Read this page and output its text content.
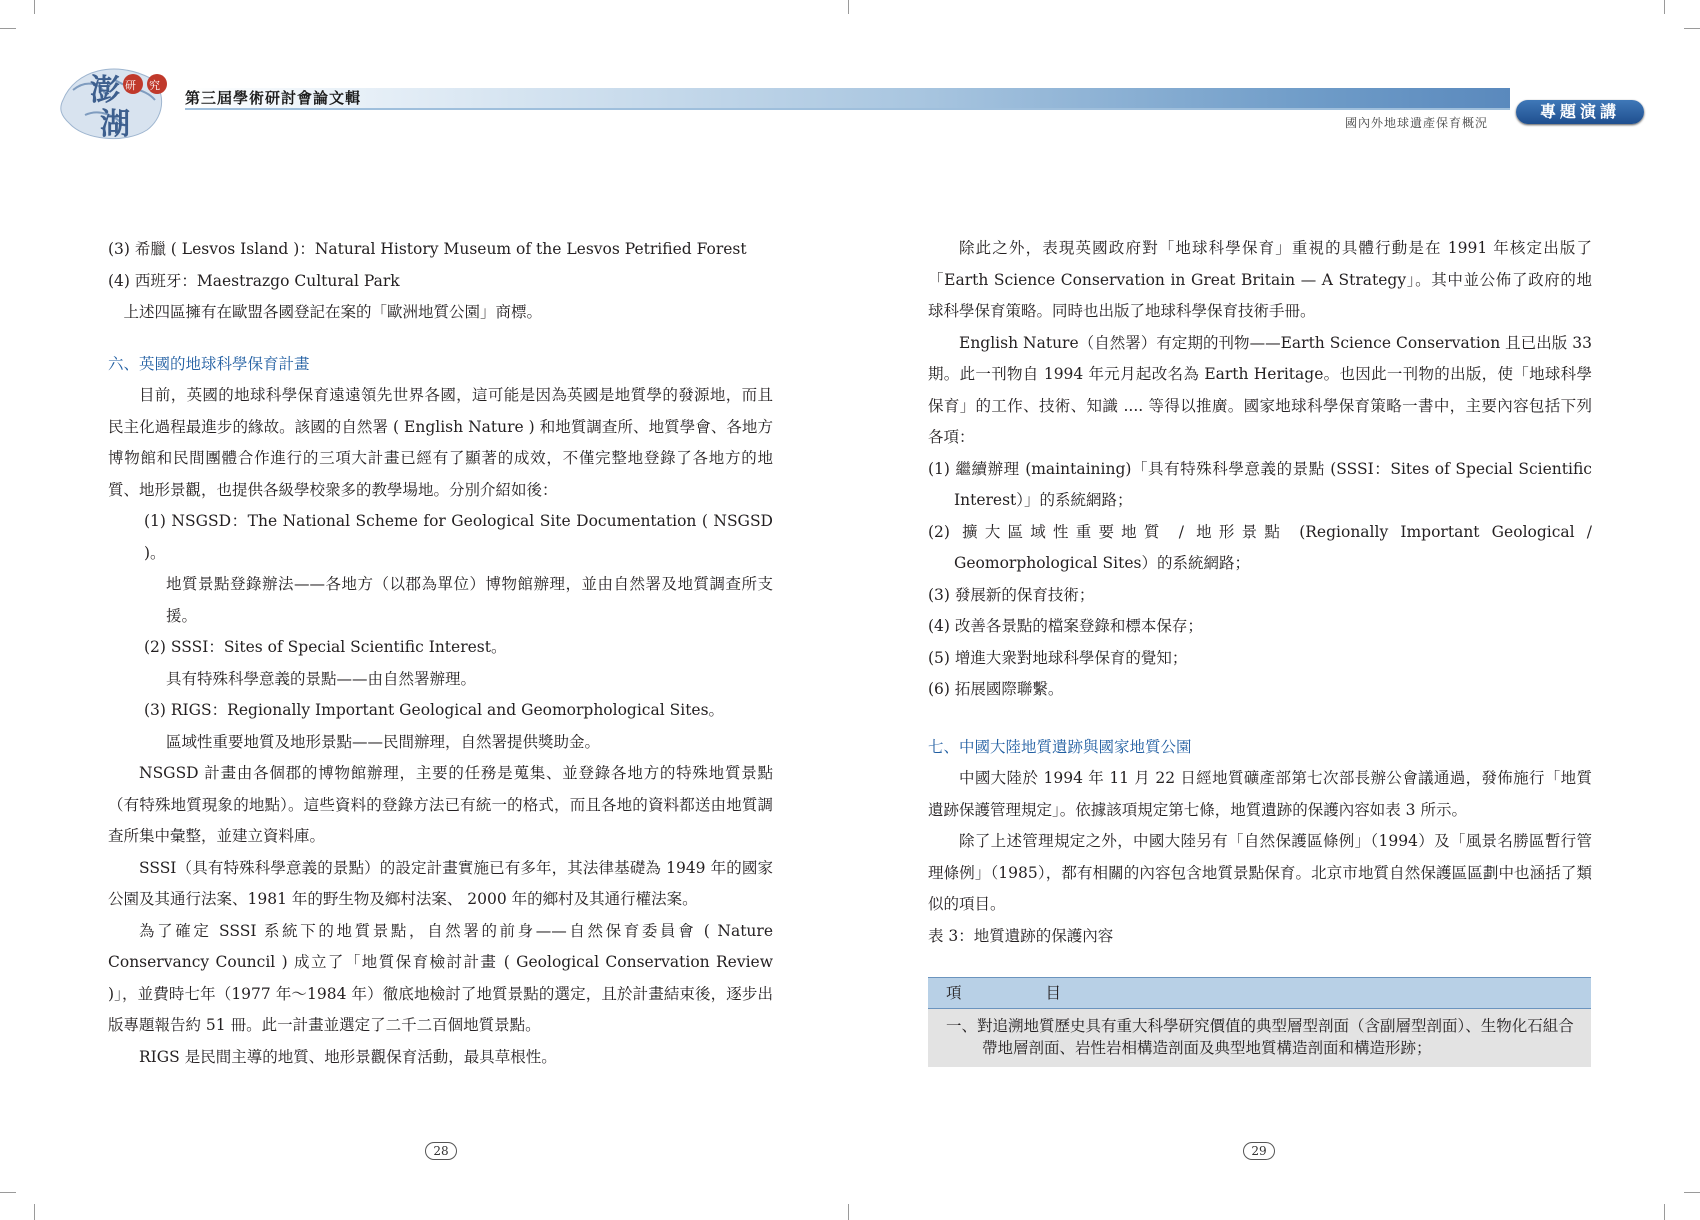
澎
湖
研 究
第三屆學術研討會論文輯
專題演講
國內外地球遺產保育概況

(3) 希臘 ( Lesvos Island )：Natural History Museum of the Lesvos Petrified Forest

(4) 西班牙：Maestrazgo Cultural Park

上述四區擁有在歐盟各國登記在案的「歐洲地質公園」商標。

六、英國的地球科學保育計畫

目前，英國的地球科學保育遠遠領先世界各國，這可能是因為英國是地質學的發源地，而且民主化過程最進步的緣故。該國的自然署 ( English Nature ) 和地質調查所、地質學會、各地方博物館和民間團體合作進行的三項大計畫已經有了顯著的成效，不僅完整地登錄了各地方的地質、地形景觀，也提供各級學校衆多的教學場地。分別介紹如後：

(1) NSGSD：The National Scheme for Geological Site Documentation ( NSGSD )。

地質景點登錄辦法——各地方（以郡為單位）博物館辦理，並由自然署及地質調查所支援。

(2) SSSI：Sites of Special Scientific Interest。

具有特殊科學意義的景點——由自然署辦理。

(3) RIGS：Regionally Important Geological and Geomorphological Sites。

區域性重要地質及地形景點——民間辦理，自然署提供獎助金。

NSGSD 計畫由各個郡的博物館辦理，主要的任務是蒐集、並登錄各地方的特殊地質景點（有特殊地質現象的地點）。這些資料的登錄方法已有統一的格式，而且各地的資料都送由地質調查所集中彙整，並建立資料庫。

SSSI（具有特殊科學意義的景點）的設定計畫實施已有多年，其法律基礎為 1949 年的國家公園及其通行法案、1981 年的野生物及鄉村法案、 2000 年的鄉村及其通行權法案。

為了確定 SSSI 系統下的地質景點，自然署的前身——自然保育委員會 ( Nature Conservancy Council ) 成立了「地質保育檢討計畫 ( Geological Conservation Review )」，並費時七年（1977 年～1984 年）徹底地檢討了地質景點的選定，且於計畫結束後，逐步出版專題報告約 51 冊。此一計畫並選定了二千二百個地質景點。

RIGS 是民間主導的地質、地形景觀保育活動，最具草根性。

除此之外，表現英國政府對「地球科學保育」重視的具體行動是在 1991 年核定出版了「Earth Science Conservation in Great Britain — A Strategy」。其中並公佈了政府的地球科學保育策略。同時也出版了地球科學保育技術手冊。

English Nature（自然署）有定期的刊物——Earth Science Conservation 且已出版 33期。此一刊物自 1994 年元月起改名為 Earth Heritage。也因此一刊物的出版，使「地球科學保育」的工作、技術、知識 .... 等得以推廣。國家地球科學保育策略一書中，主要內容包括下列各項：

(1) 繼續辦理 (maintaining)「具有特殊科學意義的景點 (SSSI：Sites of Special Scientific Interest）」的系統網路；

(2) 擴大區域性重要地質 / 地形景點 (Regionally Important Geological / Geomorphological Sites）的系統網路；

(3) 發展新的保育技術；

(4) 改善各景點的檔案登錄和標本保存；

(5) 增進大衆對地球科學保育的覺知；

(6) 拓展國際聯繫。

七、中國大陸地質遺跡與國家地質公園

中國大陸於 1994 年 11 月 22 日經地質礦產部第七次部長辦公會議通過，發佈施行「地質遺跡保護管理規定」。依據該項規定第七條，地質遺跡的保護內容如表 3 所示。

除了上述管理規定之外，中國大陸另有「自然保護區條例」（1994）及「風景名勝區暫行管理條例」（1985），都有相關的內容包含地質景點保育。北京市地質自然保護區區劃中也涵括了類似的項目。

表 3：地質遺跡的保護內容

項	目
一、對追溯地質歷史具有重大科學研究價值的典型層型剖面（含副層型剖面）、生物化石組合帶地層剖面、岩性岩相構造剖面及典型地質構造剖面和構造形跡；
28	29
